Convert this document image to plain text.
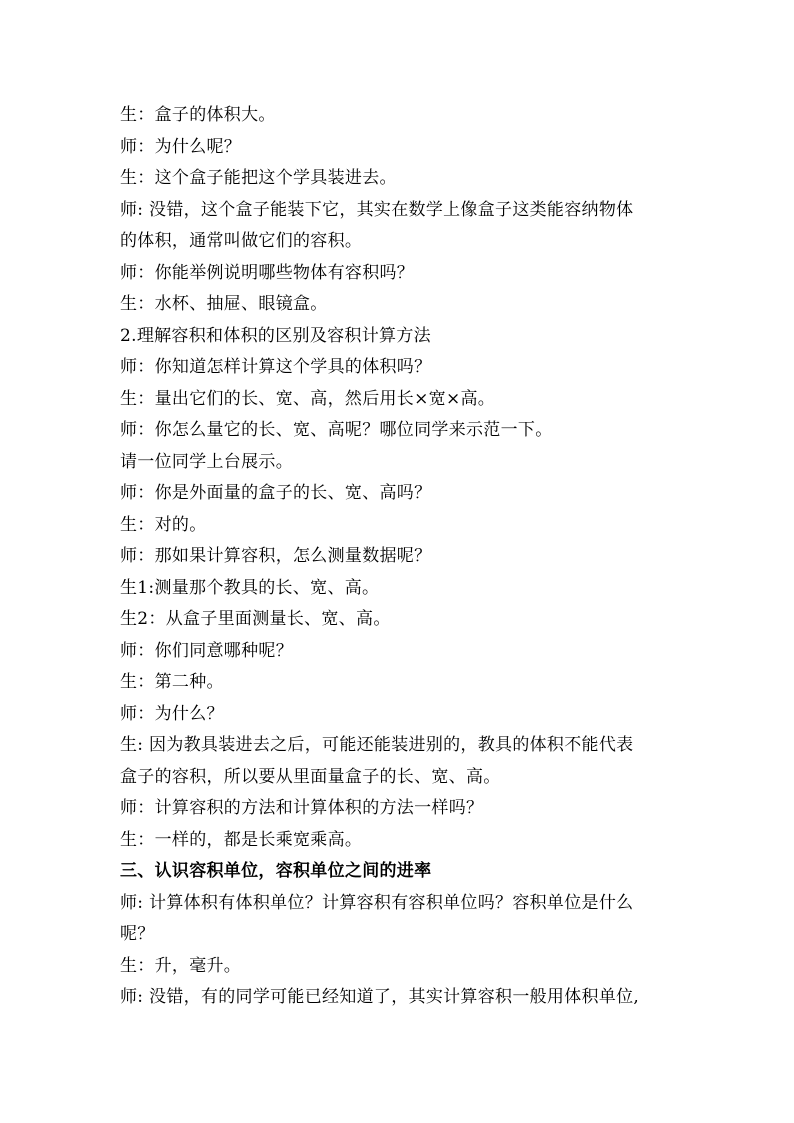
生：盒子的体积大。
师：为什么呢？
生：这个盒子能把这个学具装进去。
师: 没错，这个盒子能装下它，其实在数学上像盒子这类能容纳物体
的体积，通常叫做它们的容积。
师：你能举例说明哪些物体有容积吗？
生：水杯、抽屉、眼镜盒。
2.理解容积和体积的区别及容积计算方法
师：你知道怎样计算这个学具的体积吗？
生：量出它们的长、宽、高，然后用长×宽×高。
师：你怎么量它的长、宽、高呢？哪位同学来示范一下。
请一位同学上台展示。
师：你是外面量的盒子的长、宽、高吗？
生：对的。
师：那如果计算容积，怎么测量数据呢？
生1:测量那个教具的长、宽、高。
生2：从盒子里面测量长、宽、高。
师：你们同意哪种呢？
生：第二种。
师：为什么？
生: 因为教具装进去之后，可能还能装进别的，教具的体积不能代表
盒子的容积，所以要从里面量盒子的长、宽、高。
师：计算容积的方法和计算体积的方法一样吗？
生：一样的，都是长乘宽乘高。
三、认识容积单位，容积单位之间的进率
师: 计算体积有体积单位？计算容积有容积单位吗？容积单位是什么
呢？
生：升，毫升。
师: 没错，有的同学可能已经知道了，其实计算容积一般用体积单位,
